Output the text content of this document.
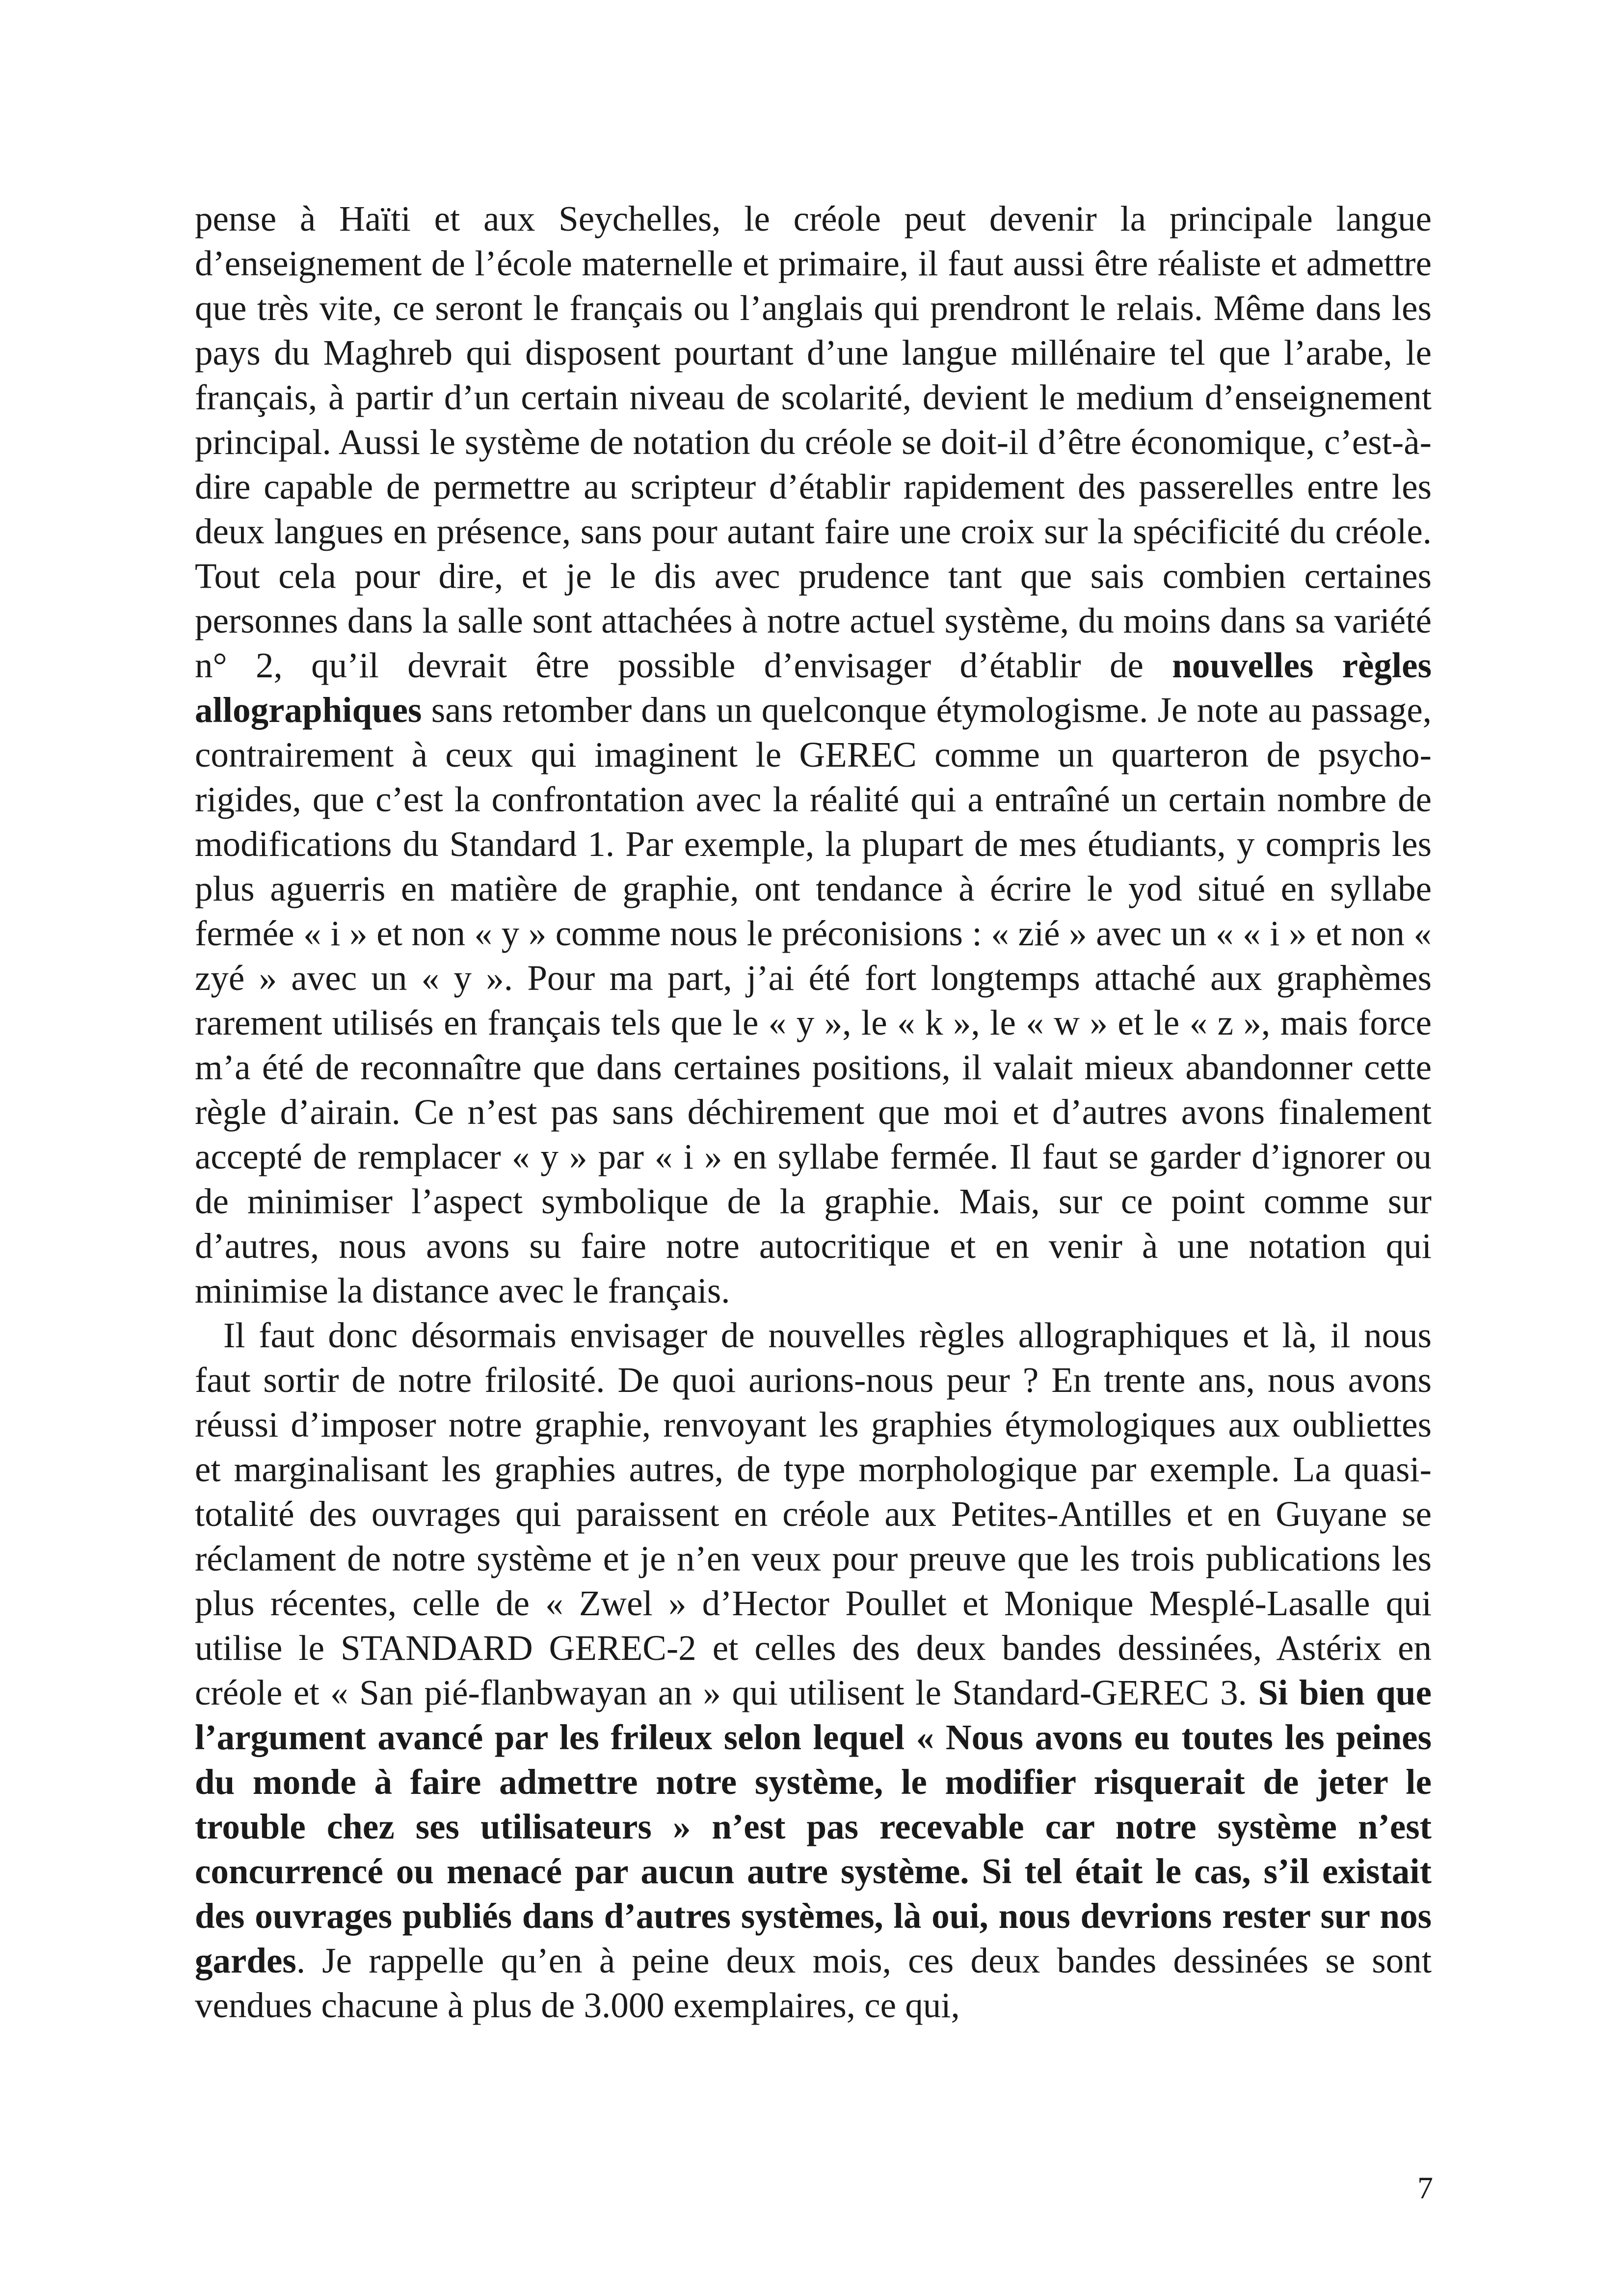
pense à Haïti et aux Seychelles, le créole peut devenir la principale langue d’enseignement de l’école maternelle et primaire, il faut aussi être réaliste et admettre que très vite, ce seront le français ou l’anglais qui prendront le relais. Même dans les pays du Maghreb qui disposent pourtant d’une langue millénaire tel que l’arabe, le français, à partir d’un certain niveau de scolarité, devient le medium d’enseignement principal. Aussi le système de notation du créole se doit-il d’être économique, c’est-à-dire capable de permettre au scripteur d’établir rapidement des passerelles entre les deux langues en présence, sans pour autant faire une croix sur la spécificité du créole. Tout cela pour dire, et je le dis avec prudence tant que sais combien certaines personnes dans la salle sont attachées à notre actuel système, du moins dans sa variété n° 2, qu’il devrait être possible d’envisager d’établir de nouvelles règles allographiques sans retomber dans un quelconque étymologisme. Je note au passage, contrairement à ceux qui imaginent le GEREC comme un quarteron de psycho-rigides, que c’est la confrontation avec la réalité qui a entraîné un certain nombre de modifications du Standard 1. Par exemple, la plupart de mes étudiants, y compris les plus aguerris en matière de graphie, ont tendance à écrire le yod situé en syllabe fermée « i » et non « y » comme nous le préconisions : « zié » avec un « « i » et non « zyé » avec un « y ». Pour ma part, j’ai été fort longtemps attaché aux graphèmes rarement utilisés en français tels que le « y », le « k », le « w » et le « z », mais force m’a été de reconnaître que dans certaines positions, il valait mieux abandonner cette règle d’airain. Ce n’est pas sans déchirement que moi et d’autres avons finalement accepté de remplacer « y » par « i » en syllabe fermée. Il faut se garder d’ignorer ou de minimiser l’aspect symbolique de la graphie. Mais, sur ce point comme sur d’autres, nous avons su faire notre autocritique et en venir à une notation qui minimise la distance avec le français.

Il faut donc désormais envisager de nouvelles règles allographiques et là, il nous faut sortir de notre frilosité. De quoi aurions-nous peur ? En trente ans, nous avons réussi d’imposer notre graphie, renvoyant les graphies étymologiques aux oubliettes et marginalisant les graphies autres, de type morphologique par exemple. La quasi-totalité des ouvrages qui paraissent en créole aux Petites-Antilles et en Guyane se réclament de notre système et je n’en veux pour preuve que les trois publications les plus récentes, celle de « Zwel » d’Hector Poullet et Monique Mesplé-Lasalle qui utilise le STANDARD GEREC-2 et celles des deux bandes dessinées, Astérix en créole et « San pié-flanbwayan an » qui utilisent le Standard-GEREC 3. Si bien que l’argument avancé par les frileux selon lequel « Nous avons eu toutes les peines du monde à faire admettre notre système, le modifier risquerait de jeter le trouble chez ses utilisateurs » n’est pas recevable car notre système n’est concurrencé ou menacé par aucun autre système. Si tel était le cas, s’il existait des ouvrages publiés dans d’autres systèmes, là oui, nous devrions rester sur nos gardes. Je rappelle qu’en à peine deux mois, ces deux bandes dessinées se sont vendues chacune à plus de 3.000 exemplaires, ce qui,

7
